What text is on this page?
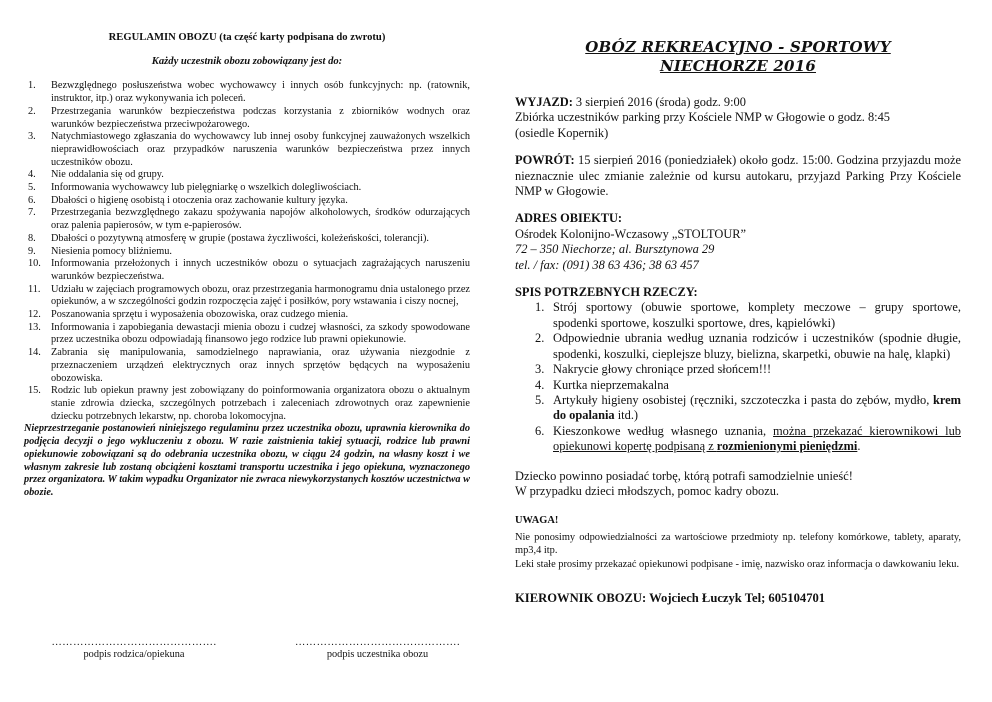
REGULAMIN OBOZU (ta część karty podpisana do zwrotu)
Każdy uczestnik obozu zobowiązany jest do:
1. Bezwzględnego posłuszeństwa wobec wychowawcy i innych osób funkcyjnych: np. (ratownik, instruktor, itp.) oraz wykonywania ich poleceń.
2. Przestrzegania warunków bezpieczeństwa podczas korzystania z zbiorników wodnych oraz warunków bezpieczeństwa przeciwpożarowego.
3. Natychmiastowego zgłaszania do wychowawcy lub innej osoby funkcyjnej zauważonych wszelkich nieprawidłowościach oraz przypadków naruszenia warunków bezpieczeństwa przez innych uczestników obozu.
4. Nie oddalania się od grupy.
5. Informowania wychowawcy lub pielęgniarkę o wszelkich dolegliwościach.
6. Dbałości o higienę osobistą i otoczenia oraz zachowanie kultury języka.
7. Przestrzegania bezwzględnego zakazu spożywania napojów alkoholowych, środków odurzających oraz palenia papierosów, w tym e-papierosów.
8. Dbałości o pozytywną atmosferę w grupie (postawa życzliwości, koleżeńskości, tolerancji).
9. Niesienia pomocy bliźniemu.
10. Informowania przełożonych i innych uczestników obozu o sytuacjach zagrażających naruszeniu warunków bezpieczeństwa.
11. Udziału w zajęciach programowych obozu, oraz przestrzegania harmonogramu dnia ustalonego przez opiekunów, a w szczególności godzin rozpoczęcia zajęć i posiłków, pory wstawania i ciszy nocnej,
12. Poszanowania sprzętu i wyposażenia obozowiska, oraz cudzego mienia.
13. Informowania i zapobiegania dewastacji mienia obozu i cudzej własności, za szkody spowodowane przez uczestnika obozu odpowiadają finansowo jego rodzice lub prawni opiekunowie.
14. Zabrania się manipulowania, samodzielnego naprawiania, oraz używania niezgodnie z przeznaczeniem urządzeń elektrycznych oraz innych sprzętów będących na wyposażeniu obozowiska.
15. Rodzic lub opiekun prawny jest zobowiązany do poinformowania organizatora obozu o aktualnym stanie zdrowia dziecka, szczególnych potrzebach i zaleceniach zdrowotnych oraz zapewnienie dziecku potrzebnych lekarstw, np. choroba lokomocyjna.
Nieprzestrzeganie postanowień niniejszego regulaminu przez uczestnika obozu, uprawnia kierownika do podjęcia decyzji o jego wykluczeniu z obozu. W razie zaistnienia takiej sytuacji, rodzice lub prawni opiekunowie zobowiązani są do odebrania uczestnika obozu, w ciągu 24 godzin, na własny koszt i we własnym zakresie lub zostaną obciążeni kosztami transportu uczestnika i jego opiekuna, wyznaczonego przez organizatora. W takim wypadku Organizator nie zwraca niewykorzystanych kosztów uczestnictwa w obozie.
……………………………………….
podpis rodzica/opiekuna
……………………………………….
podpis uczestnika obozu
OBÓZ REKREACYJNO - SPORTOWY
NIECHORZE 2016
WYJAZD: 3 sierpień 2016 (środa) godz. 9:00
Zbiórka uczestników parking przy Kościele NMP w Głogowie o godz. 8:45
(osiedle Kopernik)
POWRÓT: 15 sierpień 2016 (poniedziałek) około godz. 15:00. Godzina przyjazdu może nieznacznie ulec zmianie zależnie od kursu autokaru, przyjazd Parking Przy Kościele NMP w Głogowie.
ADRES OBIEKTU:
Ośrodek Kolonijno-Wczasowy „STOLTOUR”
72 – 350 Niechorze; al. Bursztynowa 29
tel. / fax: (091) 38 63 436; 38 63 457
SPIS POTRZEBNYCH RZECZY:
1. Strój sportowy (obuwie sportowe, komplety meczowe – grupy sportowe, spodenki sportowe, koszulki sportowe, dres, kąpielówki)
2. Odpowiednie ubrania według uznania rodziców i uczestników (spodnie długie, spodenki, koszulki, cieplejsze bluzy, bielizna, skarpetki, obuwie na halę, klapki)
3. Nakrycie głowy chroniące przed słońcem!!!
4. Kurtka nieprzemakalna
5. Artykuły higieny osobistej (ręczniki, szczoteczka i pasta do zębów, mydło, krem do opalania itd.)
6. Kieszonkowe według własnego uznania, można przekazać kierownikowi lub opiekunowi kopertę podpisaną z rozmienionymi pieniędzmi.
Dziecko powinno posiadać torbę, którą potrafi samodzielnie unieść!
W przypadku dzieci młodszych, pomoc kadry obozu.
UWAGA!
Nie ponosimy odpowiedzialności za wartościowe przedmioty np. telefony komórkowe, tablety, aparaty, mp3,4 itp.
Leki stałe prosimy przekazać opiekunowi podpisane - imię, nazwisko oraz informacja o dawkowaniu leku.
KIEROWNIK OBOZU: Wojciech Łuczyk Tel; 605104701
